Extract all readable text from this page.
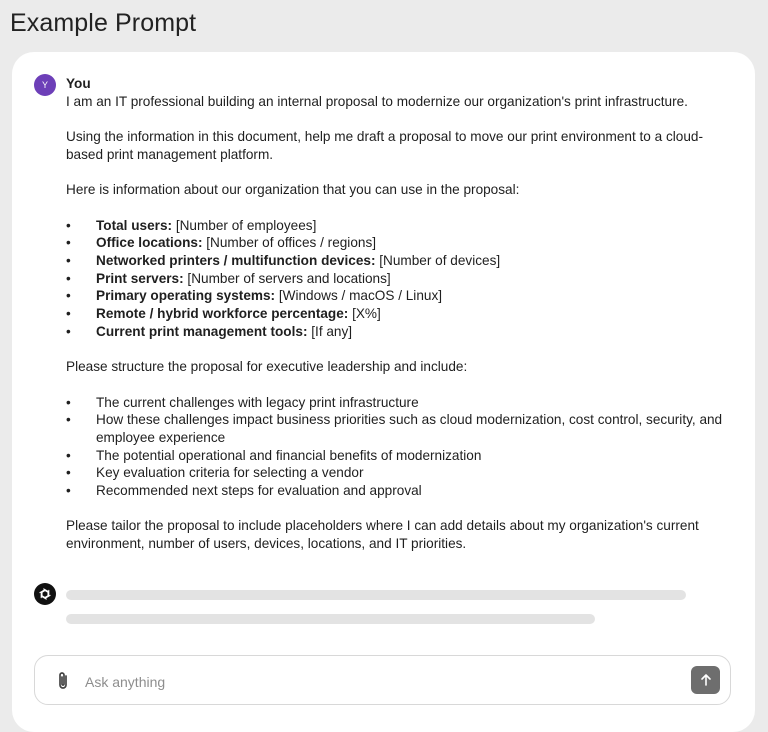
Example Prompt
Y	You

I am an IT professional building an internal proposal to modernize our organization's print infrastructure.

Using the information in this document, help me draft a proposal to move our print environment to a cloud-based print management platform.

Here is information about our organization that you can use in the proposal:

• Total users: [Number of employees]
• Office locations: [Number of offices / regions]
• Networked printers / multifunction devices: [Number of devices]
• Print servers: [Number of servers and locations]
• Primary operating systems: [Windows / macOS / Linux]
• Remote / hybrid workforce percentage: [X%]
• Current print management tools: [If any]

Please structure the proposal for executive leadership and include:

• The current challenges with legacy print infrastructure
• How these challenges impact business priorities such as cloud modernization, cost control, security, and employee experience
• The potential operational and financial benefits of modernization
• Key evaluation criteria for selecting a vendor
• Recommended next steps for evaluation and approval

Please tailor the proposal to include placeholders where I can add details about my organization's current environment, number of users, devices, locations, and IT priorities.

Ask anything
